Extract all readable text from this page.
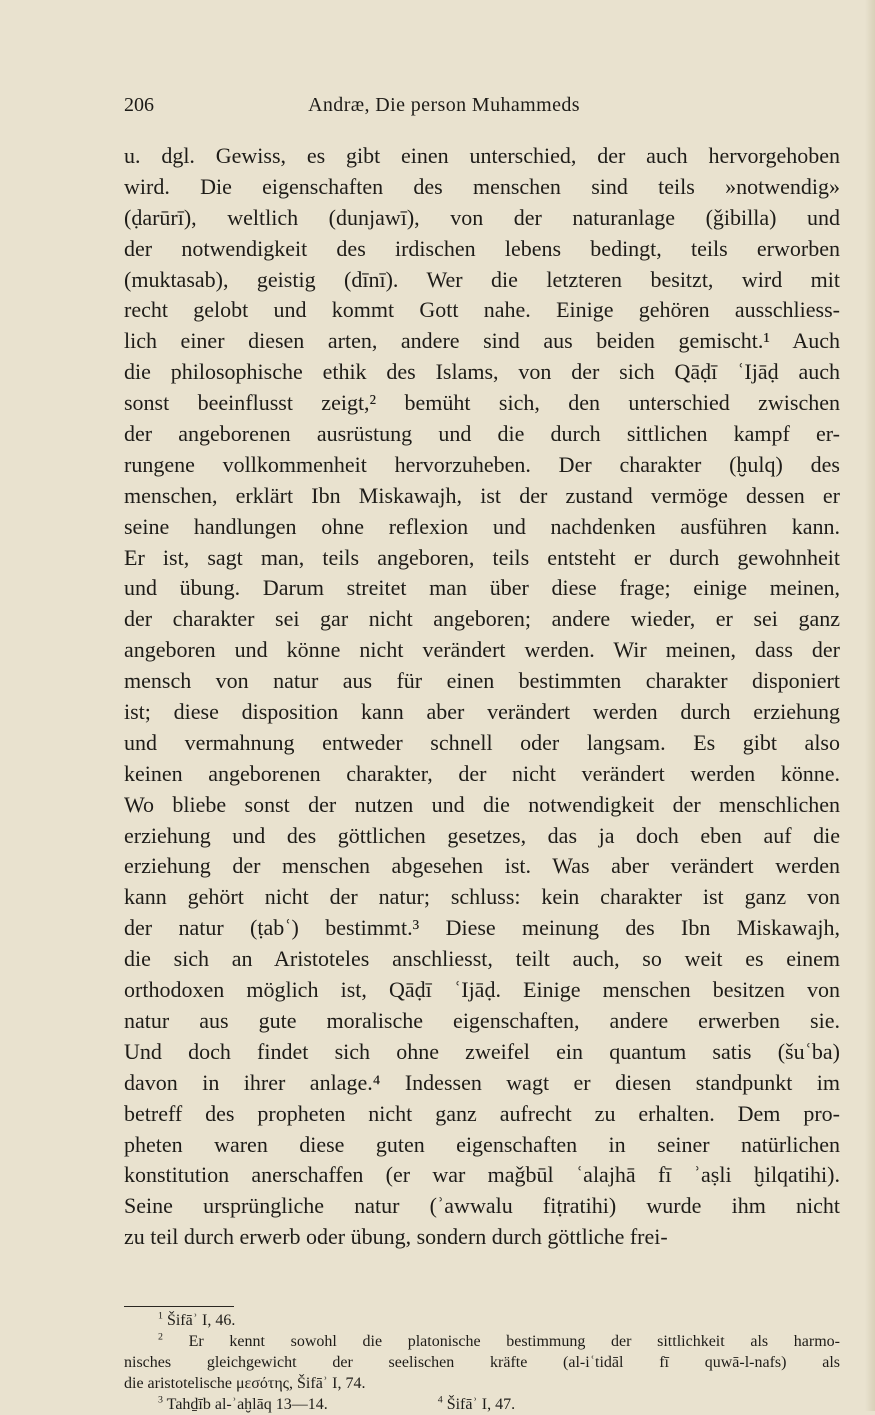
206	Andræ, Die person Muhammeds
u. dgl. Gewiss, es gibt einen unterschied, der auch hervorgehoben
wird. Die eigenschaften des menschen sind teils »notwendig»
(ḍarūrī), weltlich (dunjawī), von der naturanlage (ǧibilla) und
der notwendigkeit des irdischen lebens bedingt, teils erworben
(muktasab), geistig (dīnī). Wer die letzteren besitzt, wird mit
recht gelobt und kommt Gott nahe. Einige gehören ausschliess-
lich einer diesen arten, andere sind aus beiden gemischt.¹ Auch
die philosophische ethik des Islams, von der sich Qāḍī ʿIjāḍ auch
sonst beeinflusst zeigt,² bemüht sich, den unterschied zwischen
der angeborenen ausrüstung und die durch sittlichen kampf er-
rungene vollkommenheit hervorzuheben. Der charakter (ḫulq) des
menschen, erklärt Ibn Miskawajh, ist der zustand vermöge dessen er
seine handlungen ohne reflexion und nachdenken ausführen kann.
Er ist, sagt man, teils angeboren, teils entsteht er durch gewohnheit
und übung. Darum streitet man über diese frage; einige meinen,
der charakter sei gar nicht angeboren; andere wieder, er sei ganz
angeboren und könne nicht verändert werden. Wir meinen, dass der
mensch von natur aus für einen bestimmten charakter disponiert
ist; diese disposition kann aber verändert werden durch erziehung
und vermahnung entweder schnell oder langsam. Es gibt also
keinen angeborenen charakter, der nicht verändert werden könne.
Wo bliebe sonst der nutzen und die notwendigkeit der menschlichen
erziehung und des göttlichen gesetzes, das ja doch eben auf die
erziehung der menschen abgesehen ist. Was aber verändert werden
kann gehört nicht der natur; schluss: kein charakter ist ganz von
der natur (ṭabʿ) bestimmt.³ Diese meinung des Ibn Miskawajh,
die sich an Aristoteles anschliesst, teilt auch, so weit es einem
orthodoxen möglich ist, Qāḍī ʿIjāḍ. Einige menschen besitzen von
natur aus gute moralische eigenschaften, andere erwerben sie.
Und doch findet sich ohne zweifel ein quantum satis (šuʿba)
davon in ihrer anlage.⁴ Indessen wagt er diesen standpunkt im
betreff des propheten nicht ganz aufrecht zu erhalten. Dem pro-
pheten waren diese guten eigenschaften in seiner natürlichen
konstitution anerschaffen (er war maǧbūl ʿalajhā fī ʾaṣli ḫilqatihi).
Seine ursprüngliche natur (ʾawwalu fiṭratihi) wurde ihm nicht
zu teil durch erwerb oder übung, sondern durch göttliche frei-
$^1$ Šifāʾ I, 46.
$^2$ Er kennt sowohl die platonische bestimmung der sittlichkeit als harmo-
nisches gleichgewicht der seelischen kräfte (al-iʿtidāl fī quwā-l-nafs) als
die aristotelische μεσότης, Šifāʾ I, 74.
$^3$ Tahḏīb al-ʾaḫlāq 13—14.	$^4$ Šifāʾ I, 47.
